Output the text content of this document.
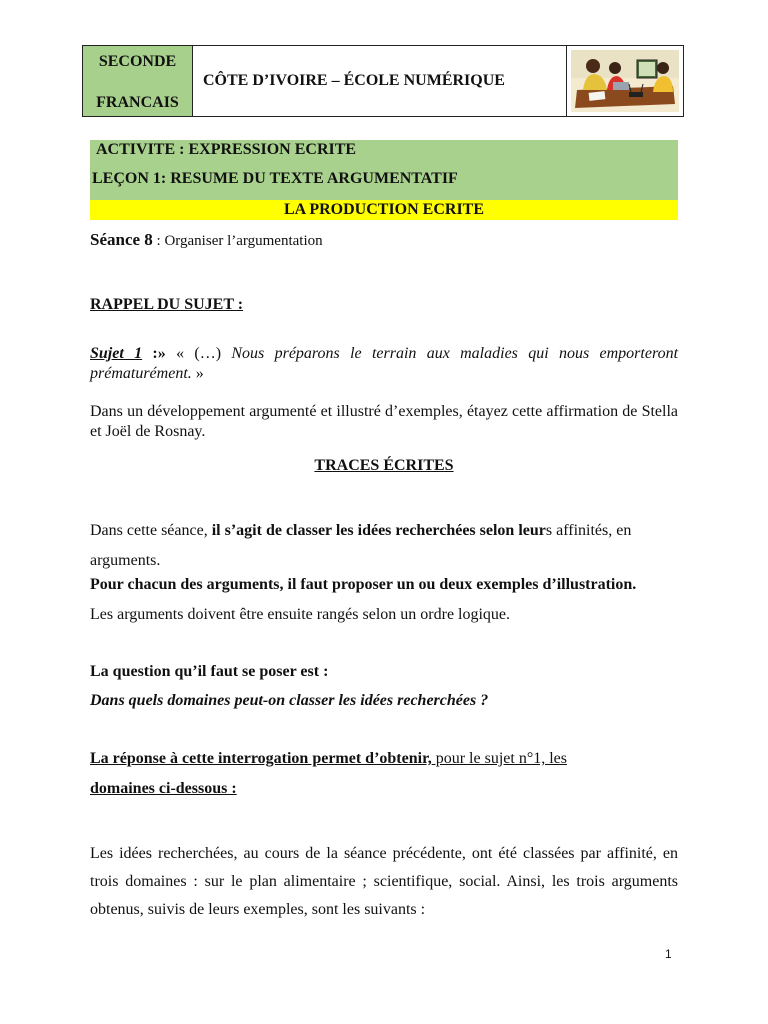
SECONDE
FRANCAIS
CÔTE D’IVOIRE – ÉCOLE NUMÉRIQUE
ACTIVITE : EXPRESSION ECRITE
LEÇON 1: RESUME DU TEXTE ARGUMENTATIF
LA PRODUCTION ECRITE
Séance 8 : Organiser l’argumentation
RAPPEL DU SUJET :
Sujet 1 :» « (…) Nous préparons le terrain aux maladies qui nous emporteront prématurément. »
Dans un développement argumenté et illustré d’exemples, étayez cette affirmation de Stella et Joël de Rosnay.
TRACES ÉCRITES
Dans cette séance, il s’agit de classer les idées recherchées selon leurs affinités, en arguments.
Pour chacun des arguments, il faut proposer un ou deux exemples d’illustration.
Les arguments doivent être ensuite rangés selon un ordre logique.
La question qu’il faut se poser est :
Dans quels domaines peut-on classer les idées recherchées ?
La réponse à cette interrogation permet d’obtenir, pour le sujet n°1, les
domaines ci-dessous :
Les idées recherchées, au cours de la séance précédente, ont été classées par affinité, en trois domaines : sur le plan alimentaire ; scientifique, social. Ainsi, les trois arguments obtenus, suivis de leurs exemples, sont les suivants :
1
